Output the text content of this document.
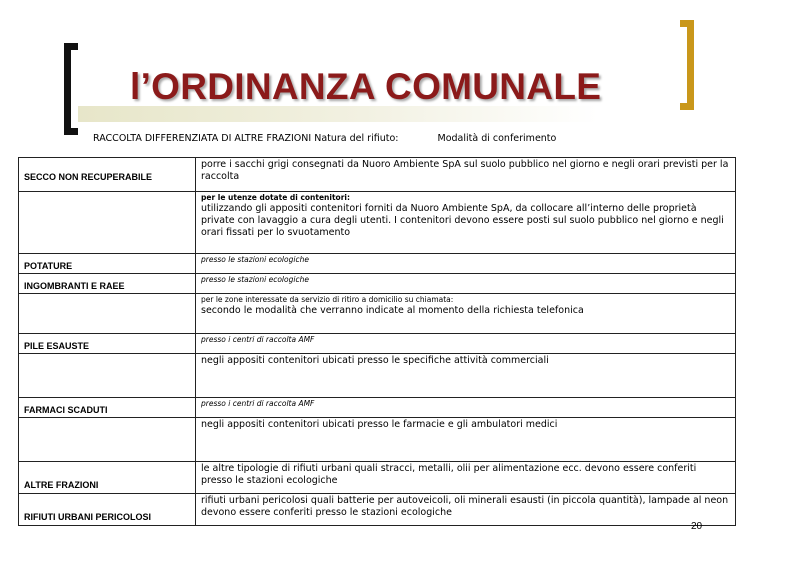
l’ORDINANZA COMUNALE
RACCOLTA DIFFERENZIATA DI ALTRE FRAZIONI Natura del rifiuto:	Modalità di conferimento
SECCO NON RECUPERABILE	porre i sacchi grigi consegnati da Nuoro Ambiente SpA sul suolo pubblico nel giorno e negli orari previsti per la raccolta

	per le utenze dotate di contenitori:
utilizzando gli appositi contenitori forniti da Nuoro Ambiente SpA, da collocare all’interno delle proprietà private con lavaggio a cura degli utenti. I contenitori devono essere posti sul suolo pubblico nel giorno e negli orari fissati per lo svuotamento
POTATURE	presso le stazioni ecologiche

INGOMBRANTI E RAEE	presso le stazioni ecologiche

	per le zone interessate da servizio di ritiro a domicilio su chiamata:
secondo le modalità che verranno indicate al momento della richiesta telefonica
PILE ESAUSTE	presso i centri di raccolta AMF

	negli appositi contenitori ubicati presso le specifiche attività commerciali
FARMACI SCADUTI	presso i centri di raccolta AMF

	negli appositi contenitori ubicati presso le farmacie e gli ambulatori medici
ALTRE FRAZIONI	le altre tipologie di rifiuti urbani quali stracci, metalli, olii per alimentazione ecc. devono essere conferiti presso le stazioni ecologiche
RIFIUTI URBANI PERICOLOSI	rifiuti urbani pericolosi quali batterie per autoveicoli, oli minerali esausti (in piccola quantità), lampade al neon devono essere conferiti presso le stazioni ecologiche
20
